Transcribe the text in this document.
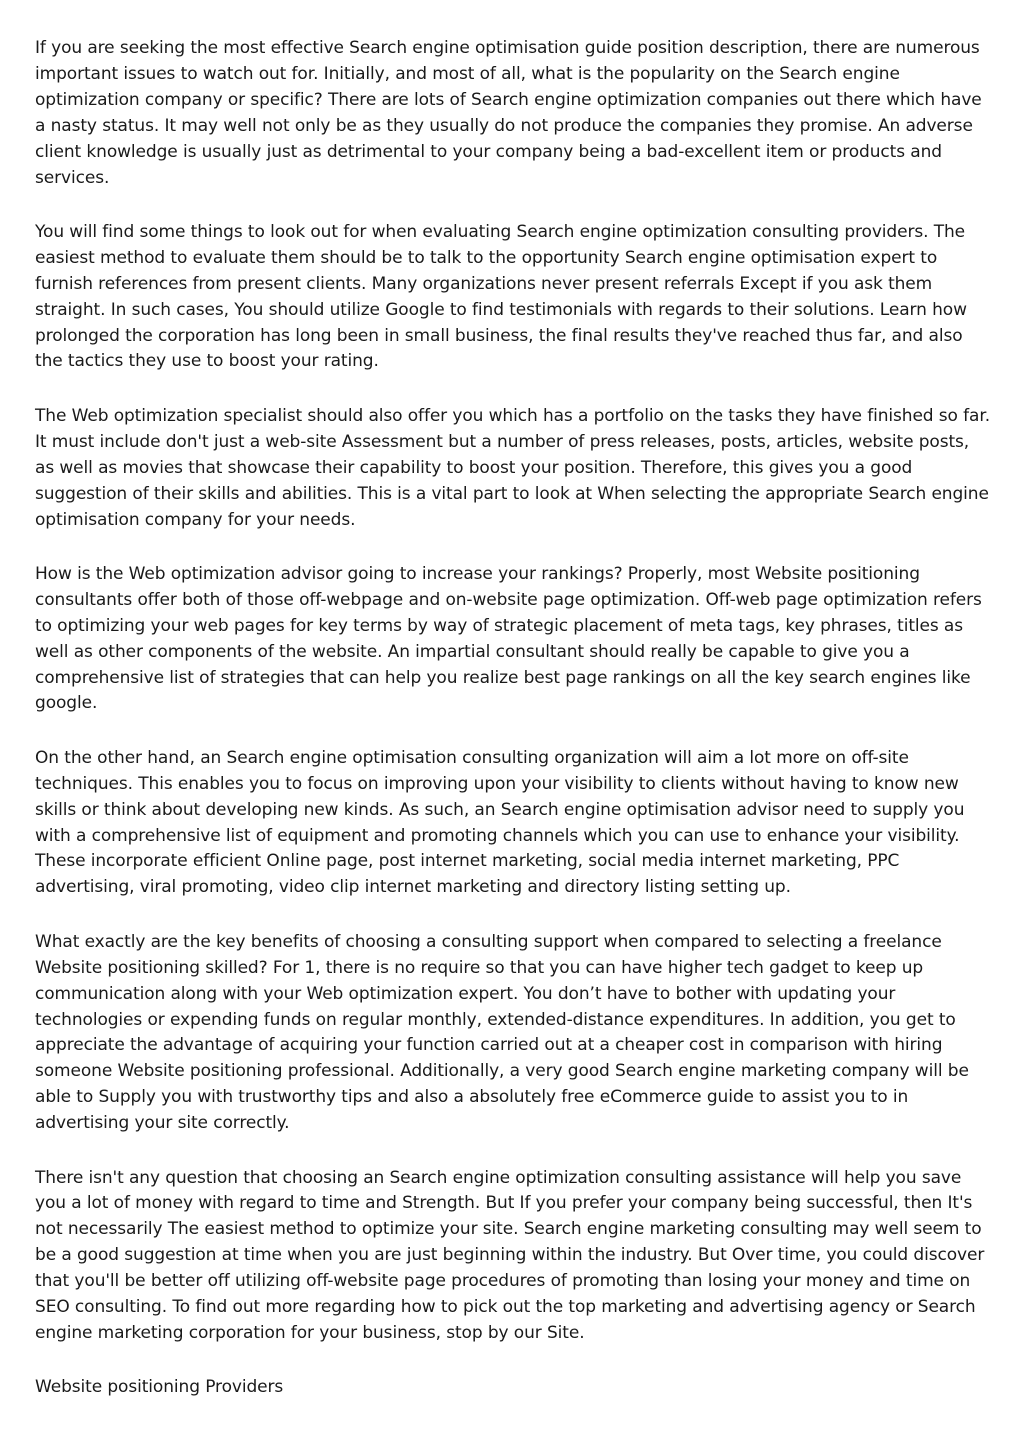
If you are seeking the most effective Search engine optimisation guide position description, there are numerous important issues to watch out for. Initially, and most of all, what is the popularity on the Search engine optimization company or specific? There are lots of Search engine optimization companies out there which have a nasty status. It may well not only be as they usually do not produce the companies they promise. An adverse client knowledge is usually just as detrimental to your company being a bad-excellent item or products and services.

You will find some things to look out for when evaluating Search engine optimization consulting providers. The easiest method to evaluate them should be to talk to the opportunity Search engine optimisation expert to furnish references from present clients. Many organizations never present referrals Except if you ask them straight. In such cases, You should utilize Google to find testimonials with regards to their solutions. Learn how prolonged the corporation has long been in small business, the final results they've reached thus far, and also the tactics they use to boost your rating.

The Web optimization specialist should also offer you which has a portfolio on the tasks they have finished so far. It must include don't just a web-site Assessment but a number of press releases, posts, articles, website posts, as well as movies that showcase their capability to boost your position. Therefore, this gives you a good suggestion of their skills and abilities. This is a vital part to look at When selecting the appropriate Search engine optimisation company for your needs.

How is the Web optimization advisor going to increase your rankings? Properly, most Website positioning consultants offer both of those off-webpage and on-website page optimization. Off-web page optimization refers to optimizing your web pages for key terms by way of strategic placement of meta tags, key phrases, titles as well as other components of the website. An impartial consultant should really be capable to give you a comprehensive list of strategies that can help you realize best page rankings on all the key search engines like google.

On the other hand, an Search engine optimisation consulting organization will aim a lot more on off-site techniques. This enables you to focus on improving upon your visibility to clients without having to know new skills or think about developing new kinds. As such, an Search engine optimisation advisor need to supply you with a comprehensive list of equipment and promoting channels which you can use to enhance your visibility. These incorporate efficient Online page, post internet marketing, social media internet marketing, PPC advertising, viral promoting, video clip internet marketing and directory listing setting up.

What exactly are the key benefits of choosing a consulting support when compared to selecting a freelance Website positioning skilled? For 1, there is no require so that you can have higher tech gadget to keep up communication along with your Web optimization expert. You don’t have to bother with updating your technologies or expending funds on regular monthly, extended-distance expenditures. In addition, you get to appreciate the advantage of acquiring your function carried out at a cheaper cost in comparison with hiring someone Website positioning professional. Additionally, a very good Search engine marketing company will be able to Supply you with trustworthy tips and also a absolutely free eCommerce guide to assist you to in advertising your site correctly.

There isn't any question that choosing an Search engine optimization consulting assistance will help you save you a lot of money with regard to time and Strength. But If you prefer your company being successful, then It's not necessarily The easiest method to optimize your site. Search engine marketing consulting may well seem to be a good suggestion at time when you are just beginning within the industry. But Over time, you could discover that you'll be better off utilizing off-website page procedures of promoting than losing your money and time on SEO consulting. To find out more regarding how to pick out the top marketing and advertising agency or Search engine marketing corporation for your business, stop by our Site.

Website positioning Providers
